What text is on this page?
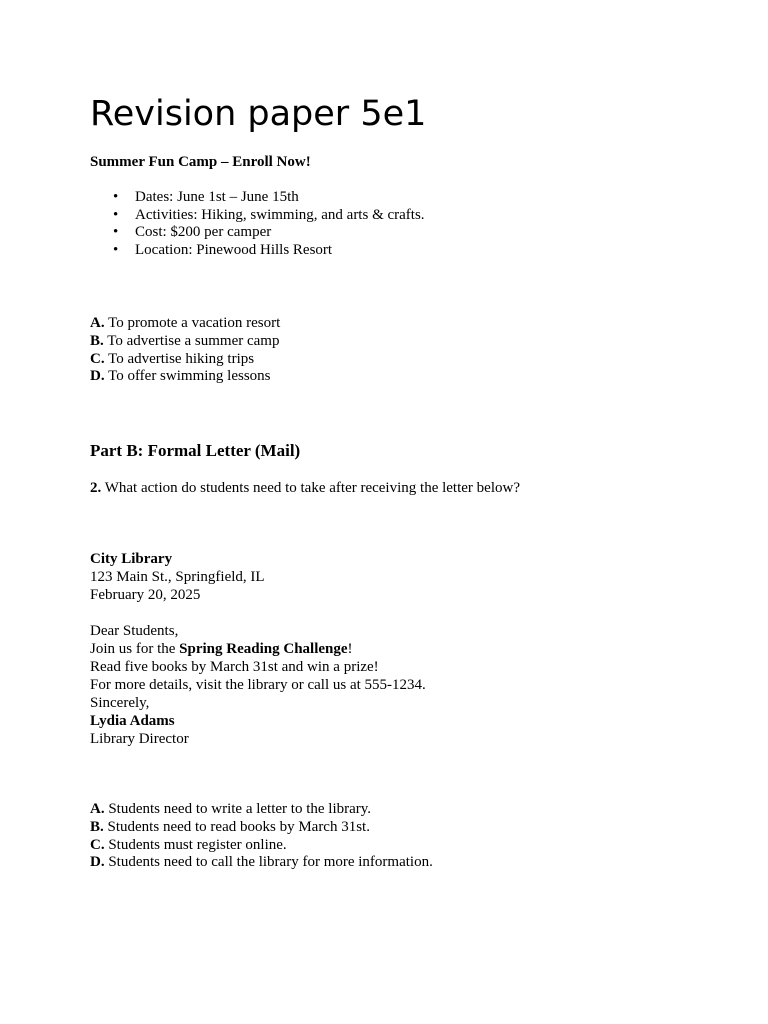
Revision paper 5e1

Summer Fun Camp – Enroll Now!

• Dates: June 1st – June 15th
• Activities: Hiking, swimming, and arts & crafts.
• Cost: $200 per camper
• Location: Pinewood Hills Resort
A. To promote a vacation resort
B. To advertise a summer camp
C. To advertise hiking trips
D. To offer swimming lessons
Part B: Formal Letter (Mail)

2. What action do students need to take after receiving the letter below?

City Library
123 Main St., Springfield, IL
February 20, 2025
Dear Students,
Join us for the Spring Reading Challenge!
Read five books by March 31st and win a prize!
For more details, visit the library or call us at 555-1234.
Sincerely,
Lydia Adams
Library Director
A. Students need to write a letter to the library.
B. Students need to read books by March 31st.
C. Students must register online.
D. Students need to call the library for more information.
